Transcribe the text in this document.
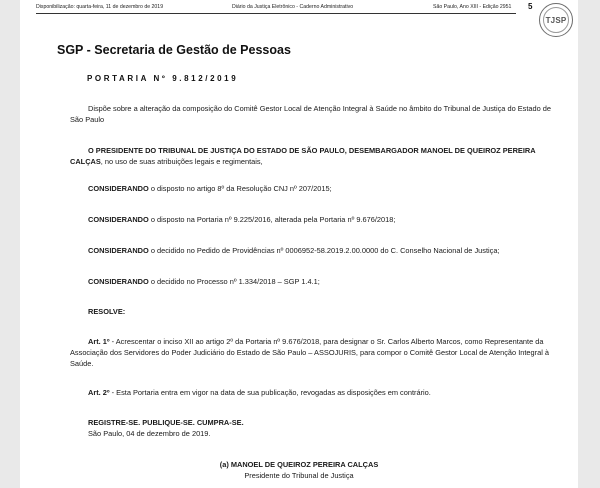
Disponibilização: quarta-feira, 11 de dezembro de 2019	Diário da Justiça Eletrônico - Caderno Administrativo	São Paulo, Ano XIII - Edição 2951 5
TJSP
SGP - Secretaria de Gestão de Pessoas
PORTARIA Nº 9.812/2019
Dispõe sobre a alteração da composição do Comitê Gestor Local de Atenção Integral à Saúde no âmbito do Tribunal de Justiça do Estado de São Paulo
O PRESIDENTE DO TRIBUNAL DE JUSTIÇA DO ESTADO DE SÃO PAULO, DESEMBARGADOR MANOEL DE QUEIROZ PEREIRA CALÇAS, no uso de suas atribuições legais e regimentais,
CONSIDERANDO o disposto no artigo 8º da Resolução CNJ nº 207/2015;
CONSIDERANDO o disposto na Portaria nº 9.225/2016, alterada pela Portaria nº 9.676/2018;
CONSIDERANDO o decidido no Pedido de Providências nº 0006952-58.2019.2.00.0000 do C. Conselho Nacional de Justiça;
CONSIDERANDO o decidido no Processo nº 1.334/2018 – SGP 1.4.1;
RESOLVE:
Art. 1º - Acrescentar o inciso XII ao artigo 2º da Portaria nº 9.676/2018, para designar o Sr. Carlos Alberto Marcos, como Representante da Associação dos Servidores do Poder Judiciário do Estado de São Paulo – ASSOJURIS, para compor o Comitê Gestor Local de Atenção Integral à Saúde.
Art. 2º - Esta Portaria entra em vigor na data de sua publicação, revogadas as disposições em contrário.
REGISTRE-SE. PUBLIQUE-SE. CUMPRA-SE.
São Paulo, 04 de dezembro de 2019.
(a) MANOEL DE QUEIROZ PEREIRA CALÇAS
Presidente do Tribunal de Justiça
